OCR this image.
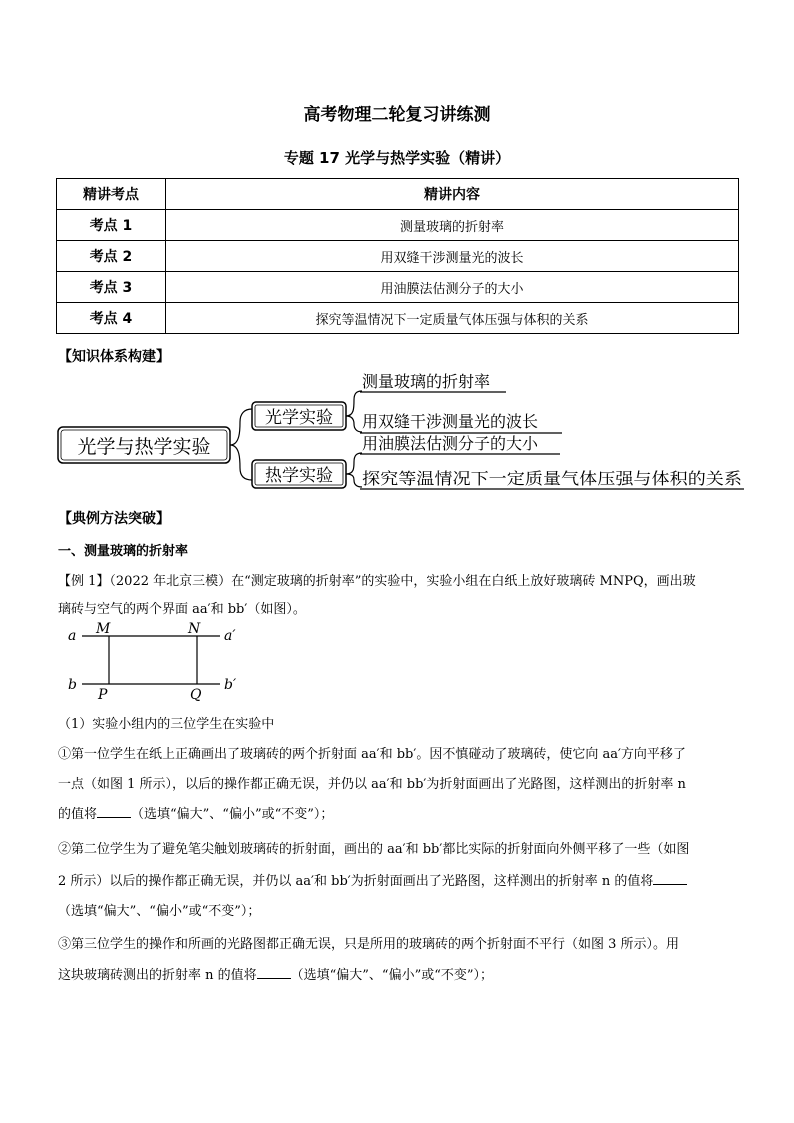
高考物理二轮复习讲练测
专题 17 光学与热学实验（精讲）
精讲考点	精讲内容
考点 1	测量玻璃的折射率
考点 2	用双缝干涉测量光的波长
考点 3	用油膜法估测分子的大小
考点 4	探究等温情况下一定质量气体压强与体积的关系
【知识体系构建】
光学与热学实验
光学实验
热学实验
测量玻璃的折射率
用双缝干涉测量光的波长
用油膜法估测分子的大小
探究等温情况下一定质量气体压强与体积的关系
【典例方法突破】
一、测量玻璃的折射率
【例 1】（2022 年北京三模）在“测定玻璃的折射率”的实验中，实验小组在白纸上放好玻璃砖 MNPQ，画出玻
璃砖与空气的两个界面 aa′和 bb′（如图）。
a M	N a′
b
P	Q
b′
（1）实验小组内的三位学生在实验中
①第一位学生在纸上正确画出了玻璃砖的两个折射面 aa′和 bb′。因不慎碰动了玻璃砖，使它向 aa′方向平移了
一点（如图 1 所示），以后的操作都正确无误，并仍以 aa′和 bb′为折射面画出了光路图，这样测出的折射率 n
的值将	（选填“偏大”、“偏小”或“不变”）；
②第二位学生为了避免笔尖触划玻璃砖的折射面，画出的 aa′和 bb′都比实际的折射面向外侧平移了一些（如图
2 所示）以后的操作都正确无误，并仍以 aa′和 bb′为折射面画出了光路图，这样测出的折射率 n 的值将
（选填“偏大”、“偏小”或“不变”）；
③第三位学生的操作和所画的光路图都正确无误，只是所用的玻璃砖的两个折射面不平行（如图 3 所示）。用
这块玻璃砖测出的折射率 n 的值将	（选填“偏大”、“偏小”或“不变”）；
